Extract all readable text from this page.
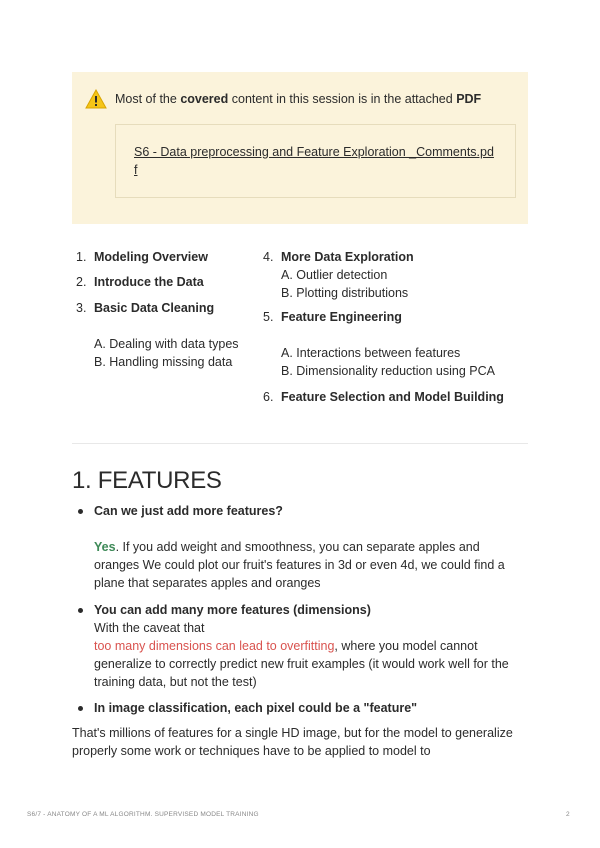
Most of the covered content in this session is in the attached PDF
S6 - Data preprocessing and Feature Exploration _Comments.pdf
1. Modeling Overview
2. Introduce the Data
3. Basic Data Cleaning
A. Dealing with data types
B. Handling missing data
4. More Data Exploration
A. Outlier detection
B. Plotting distributions
5. Feature Engineering
A. Interactions between features
B. Dimensionality reduction using PCA
6. Feature Selection and Model Building
1. FEATURES
Can we just add more features?
Yes. If you add weight and smoothness, you can separate apples and oranges We could plot our fruit's features in 3d or even 4d, we could find a plane that separates apples and oranges
You can add many more features (dimensions)
With the caveat that
too many dimensions can lead to overfitting, where you model cannot generalize to correctly predict new fruit examples (it would work well for the training data, but not the test)
In image classification, each pixel could be a "feature"
That's millions of features for a single HD image, but for the model to generalize properly some work or techniques have to be applied to model to
S6/7 - ANATOMY OF A ML ALGORITHM. SUPERVISED MODEL TRAINING	2
